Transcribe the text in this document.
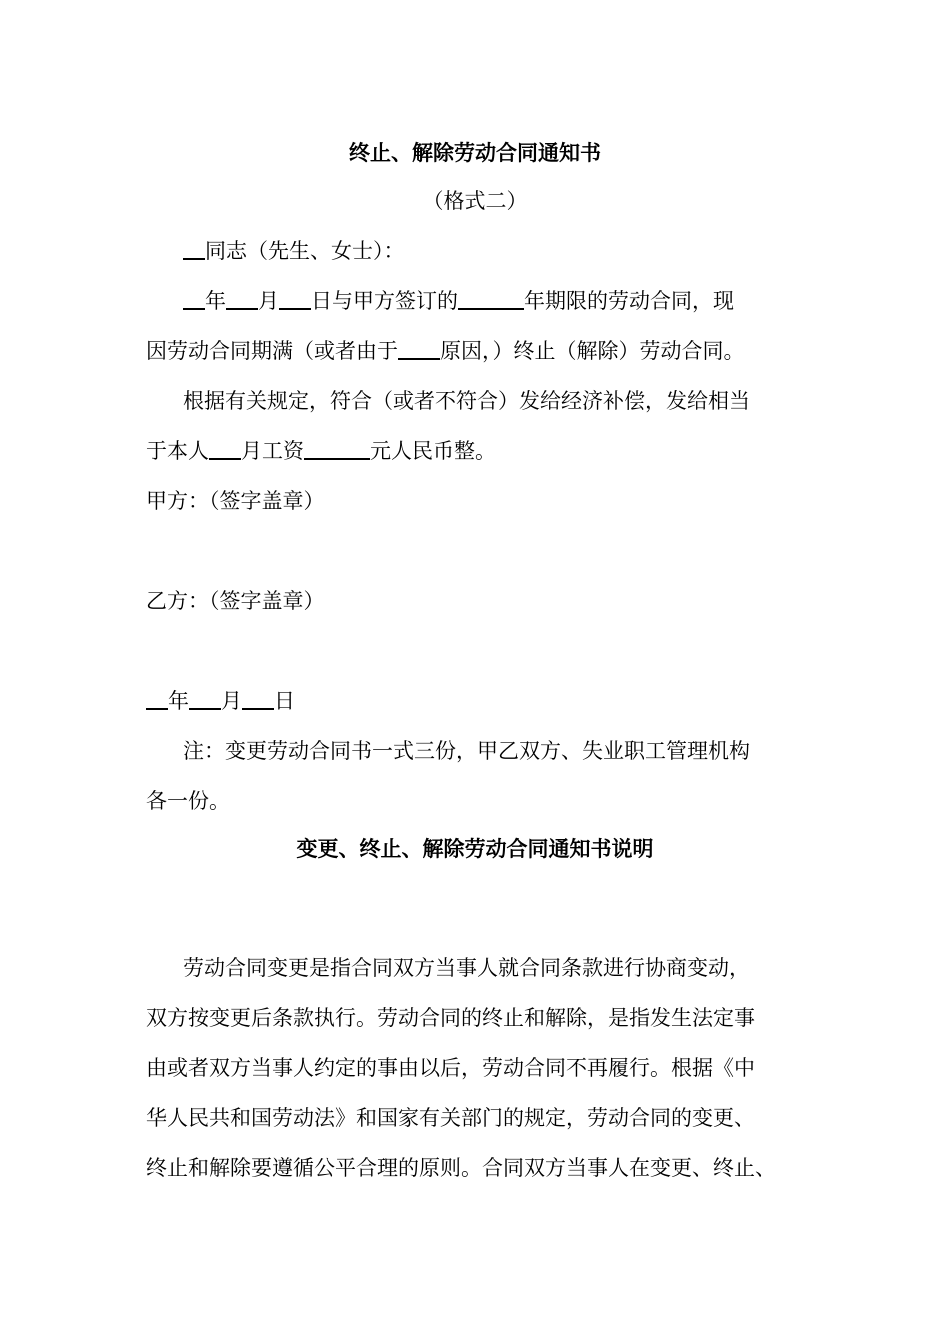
终止、解除劳动合同通知书
（格式二）
同志（先生、女士）：
年 月 日与甲方签订的	年期限的劳动合同，现
因劳动合同期满（或者由于 原因，）终止（解除）劳动合同。
根据有关规定，符合（或者不符合）发给经济补偿，发给相当
于本人 月工资	元人民币整。
甲方：（签字盖章）
乙方：（签字盖章）
年 月 日
注：变更劳动合同书一式三份，甲乙双方、失业职工管理机构
各一份。
变更、终止、解除劳动合同通知书说明
劳动合同变更是指合同双方当事人就合同条款进行协商变动，
双方按变更后条款执行。劳动合同的终止和解除，是指发生法定事
由或者双方当事人约定的事由以后，劳动合同不再履行。根据《中
华人民共和国劳动法》和国家有关部门的规定，劳动合同的变更、
终止和解除要遵循公平合理的原则。合同双方当事人在变更、终止、
